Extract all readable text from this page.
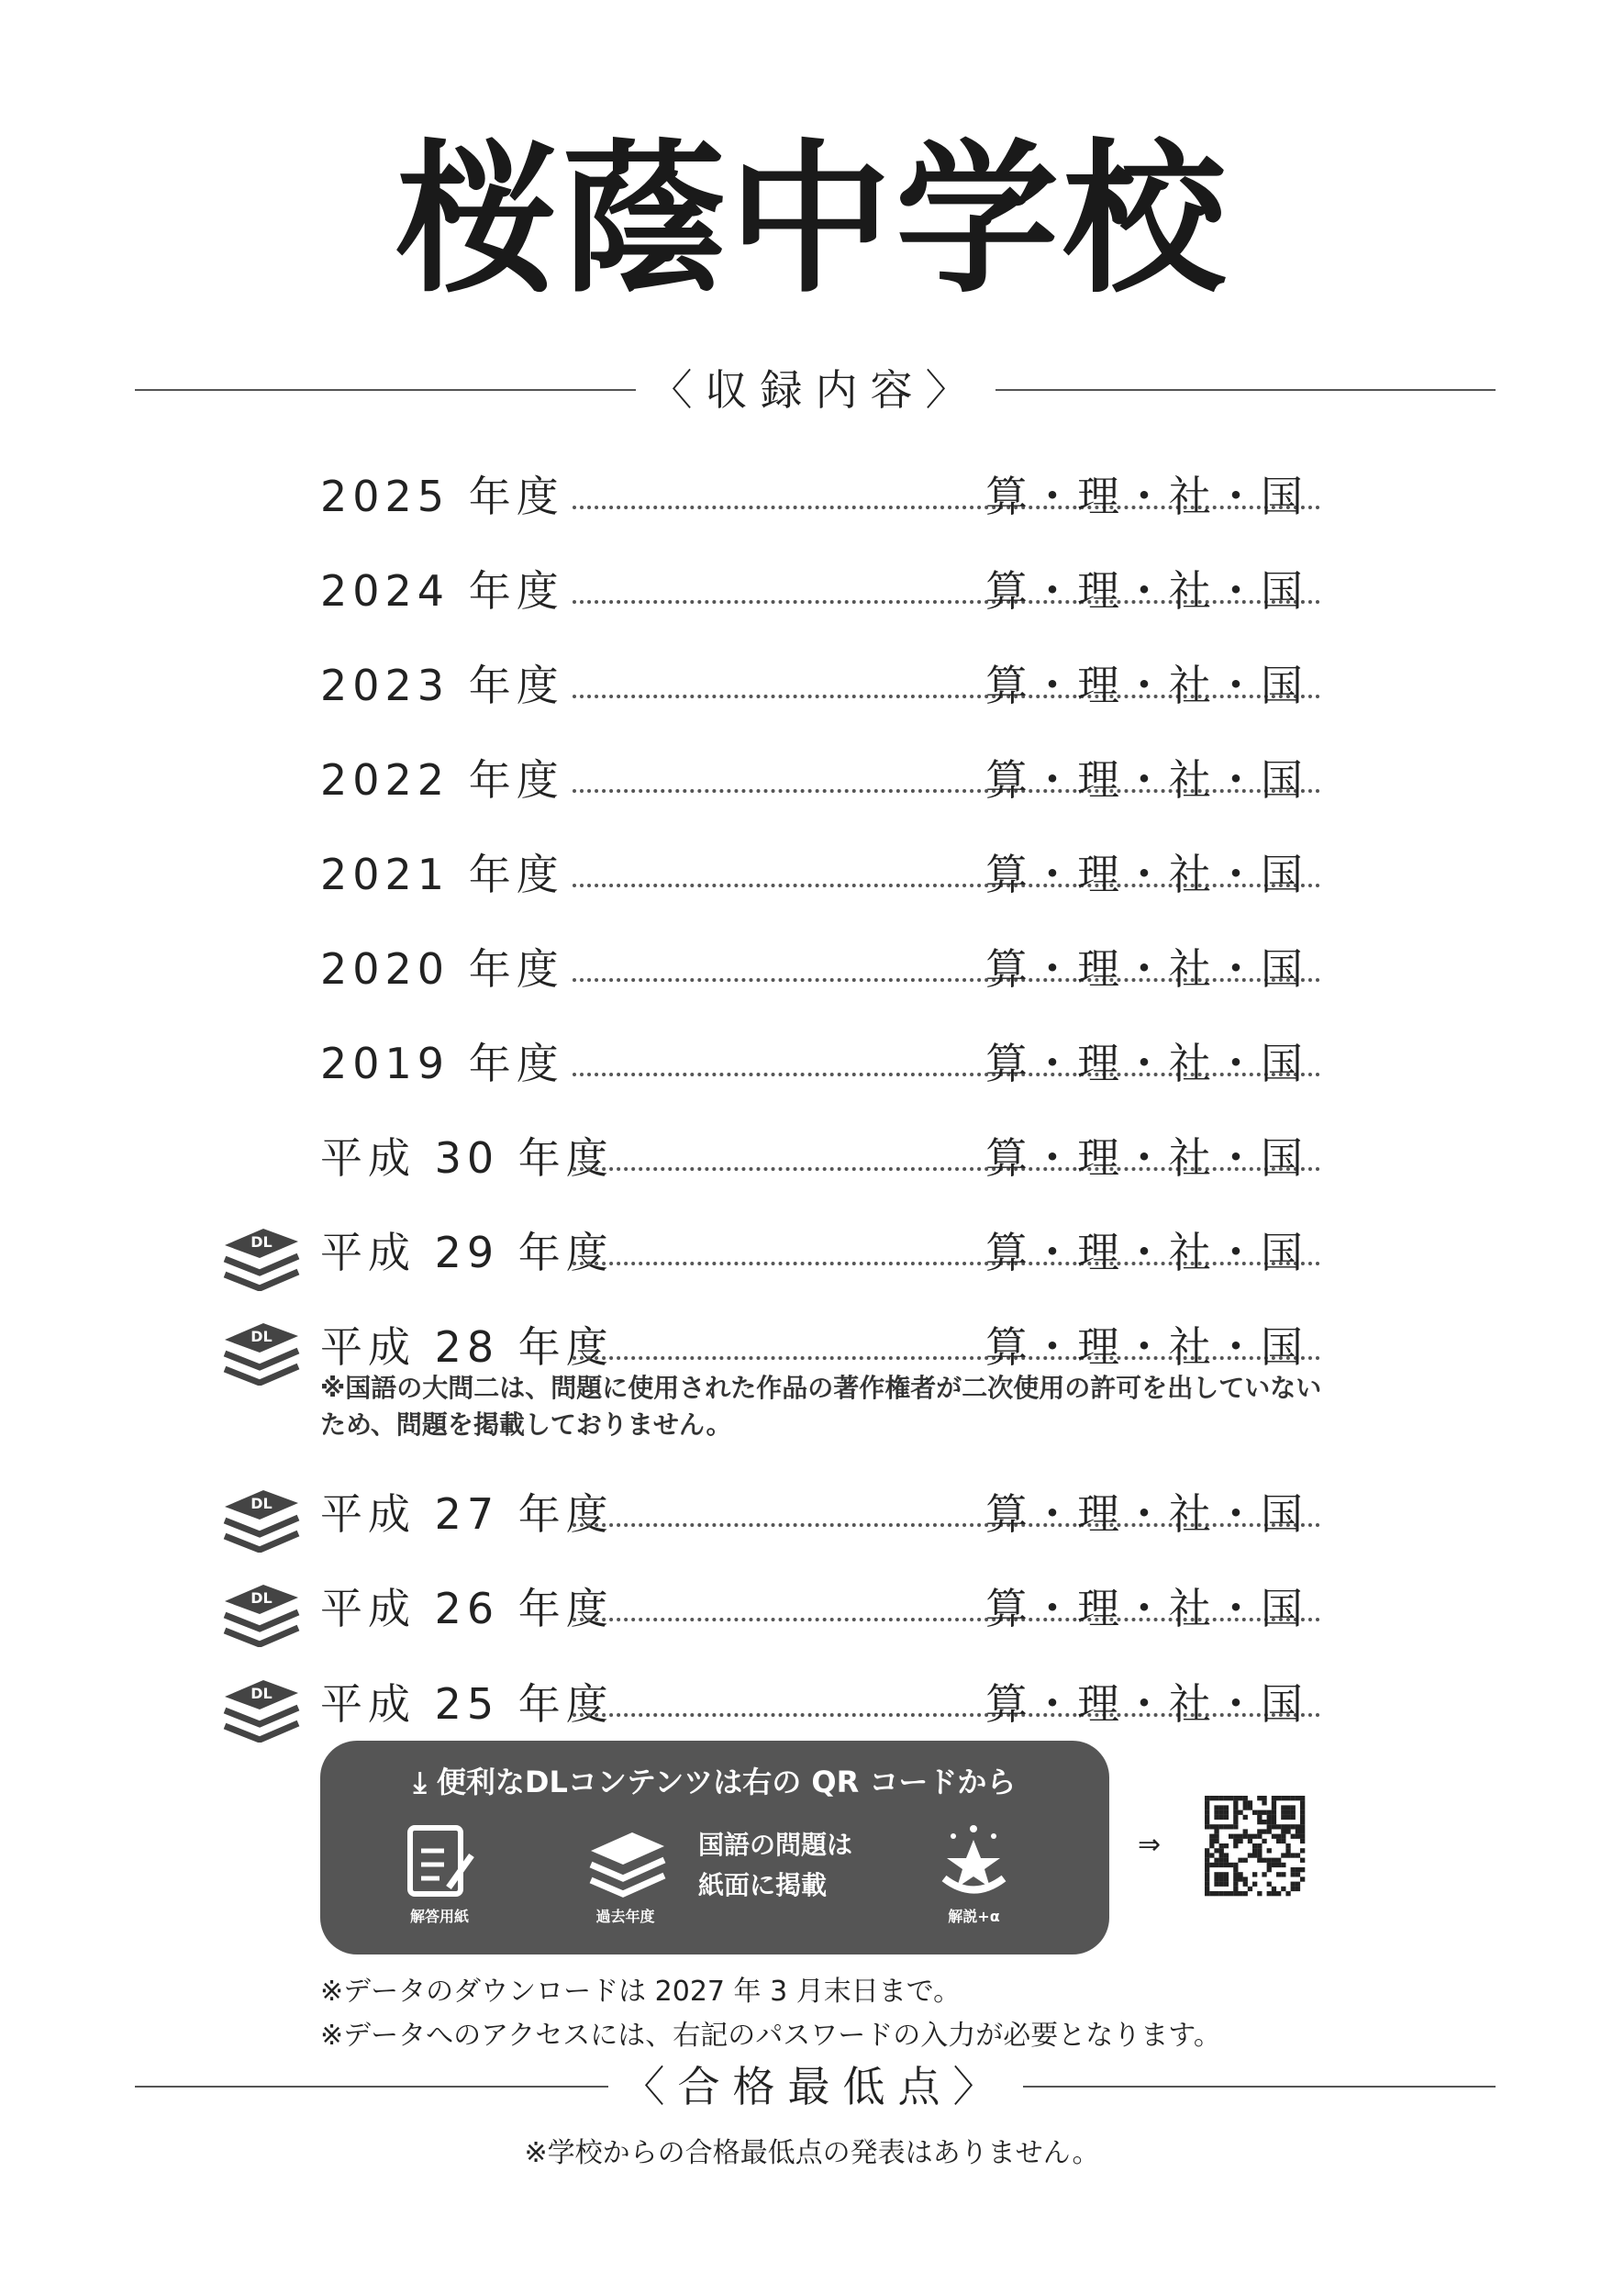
桜蔭中学校
〈収録内容〉
2025 年度	算・理・社・国
2024 年度	算・理・社・国
2023 年度	算・理・社・国
2022 年度	算・理・社・国
2021 年度	算・理・社・国
2020 年度	算・理・社・国
2019 年度	算・理・社・国
平成 30 年度	算・理・社・国
平成 29 年度	算・理・社・国
DL
平成 28 年度	算・理・社・国
DL
平成 27 年度	算・理・社・国
DL
平成 26 年度	算・理・社・国
DL
平成 25 年度	算・理・社・国
DL
※国語の大問二は、問題に使用された作品の著作権者が二次使用の許可を出していない
ため、問題を掲載しておりません。
⤓ 便利なDLコンテンツは右の QR コードから
解答用紙	過去年度
国語の問題は
紙面に掲載
解説+α
⇒
※データのダウンロードは 2027 年 3 月末日まで。
※データへのアクセスには、右記のパスワードの入力が必要となります。
〈合格最低点〉
※学校からの合格最低点の発表はありません。
